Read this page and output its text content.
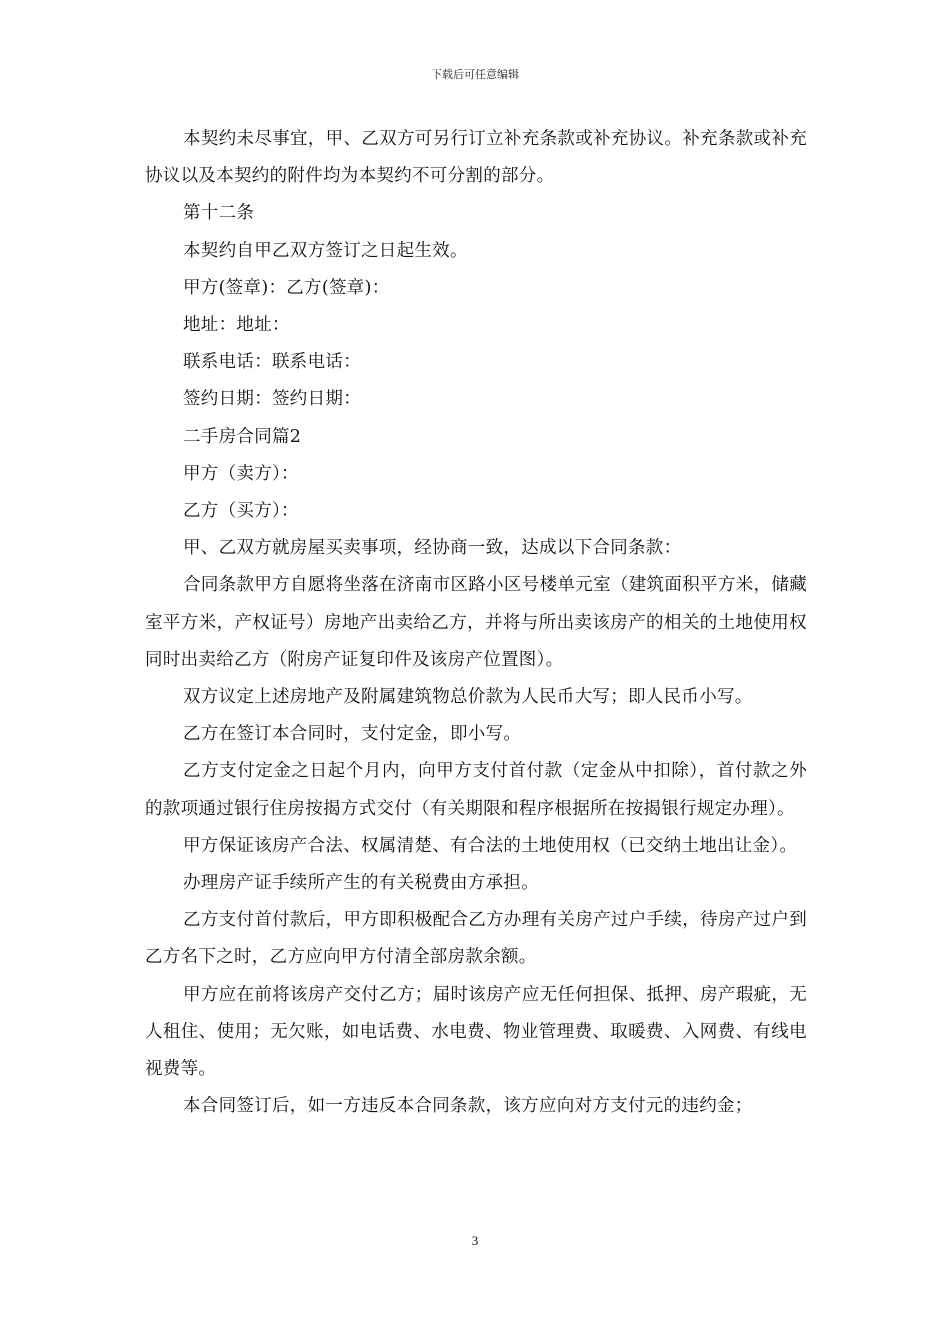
下载后可任意编辑

本契约未尽事宜，甲、乙双方可另行订立补充条款或补充协议。补充条款或补充协议以及本契约的附件均为本契约不可分割的部分。

第十二条

本契约自甲乙双方签订之日起生效。

甲方(签章)：乙方(签章)：

地址：地址：

联系电话：联系电话：

签约日期：签约日期：

二手房合同篇2

甲方（卖方）：

乙方（买方）：

甲、乙双方就房屋买卖事项，经协商一致，达成以下合同条款：

合同条款甲方自愿将坐落在济南市区路小区号楼单元室（建筑面积平方米，储藏室平方米，产权证号）房地产出卖给乙方，并将与所出卖该房产的相关的土地使用权同时出卖给乙方（附房产证复印件及该房产位置图）。

双方议定上述房地产及附属建筑物总价款为人民币大写；即人民币小写。

乙方在签订本合同时，支付定金，即小写。

乙方支付定金之日起个月内，向甲方支付首付款（定金从中扣除），首付款之外的款项通过银行住房按揭方式交付（有关期限和程序根据所在按揭银行规定办理）。

甲方保证该房产合法、权属清楚、有合法的土地使用权（已交纳土地出让金）。

办理房产证手续所产生的有关税费由方承担。

乙方支付首付款后，甲方即积极配合乙方办理有关房产过户手续，待房产过户到乙方名下之时，乙方应向甲方付清全部房款余额。

甲方应在前将该房产交付乙方；届时该房产应无任何担保、抵押、房产瑕疵，无人租住、使用；无欠账，如电话费、水电费、物业管理费、取暖费、入网费、有线电视费等。

本合同签订后，如一方违反本合同条款，该方应向对方支付元的违约金；

3
